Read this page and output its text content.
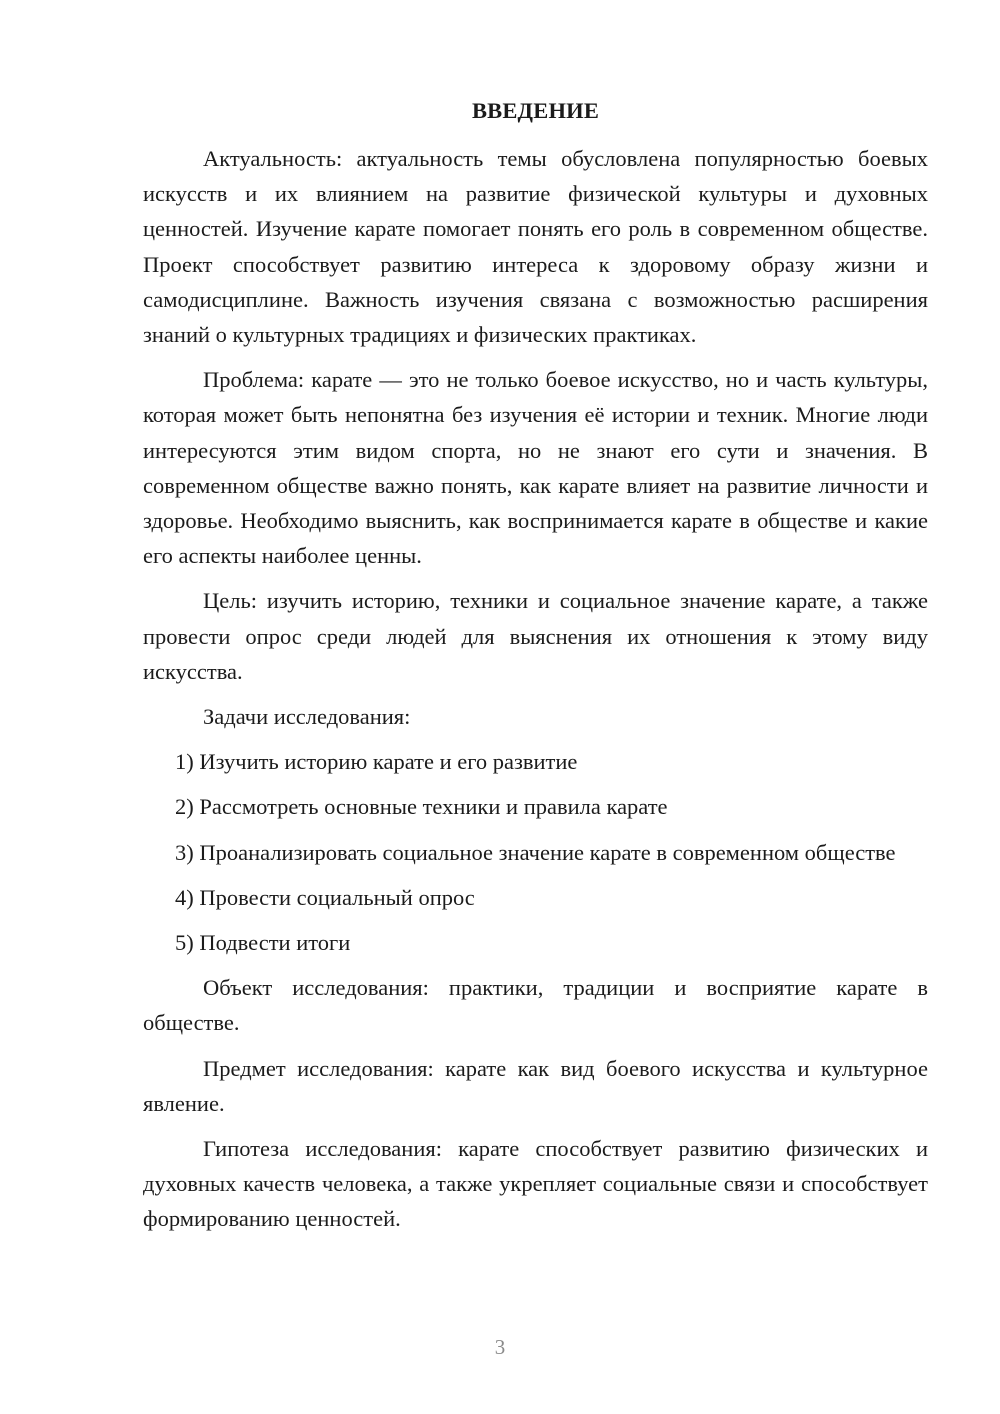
ВВЕДЕНИЕ

Актуальность: актуальность темы обусловлена популярностью боевых искусств и их влиянием на развитие физической культуры и духовных ценностей. Изучение карате помогает понять его роль в современном обществе. Проект способствует развитию интереса к здоровому образу жизни и самодисциплине. Важность изучения связана с возможностью расширения знаний о культурных традициях и физических практиках.

Проблема: карате — это не только боевое искусство, но и часть культуры, которая может быть непонятна без изучения её истории и техник. Многие люди интересуются этим видом спорта, но не знают его сути и значения. В современном обществе важно понять, как карате влияет на развитие личности и здоровье. Необходимо выяснить, как воспринимается карате в обществе и какие его аспекты наиболее ценны.

Цель: изучить историю, техники и социальное значение карате, а также провести опрос среди людей для выяснения их отношения к этому виду искусства.

Задачи исследования:

1) Изучить историю карате и его развитие

2) Рассмотреть основные техники и правила карате

3) Проанализировать социальное значение карате в современном обществе

4) Провести социальный опрос

5) Подвести итоги

Объект исследования: практики, традиции и восприятие карате в обществе.

Предмет исследования: карате как вид боевого искусства и культурное явление.

Гипотеза исследования: карате способствует развитию физических и духовных качеств человека, а также укрепляет социальные связи и способствует формированию ценностей.

3
